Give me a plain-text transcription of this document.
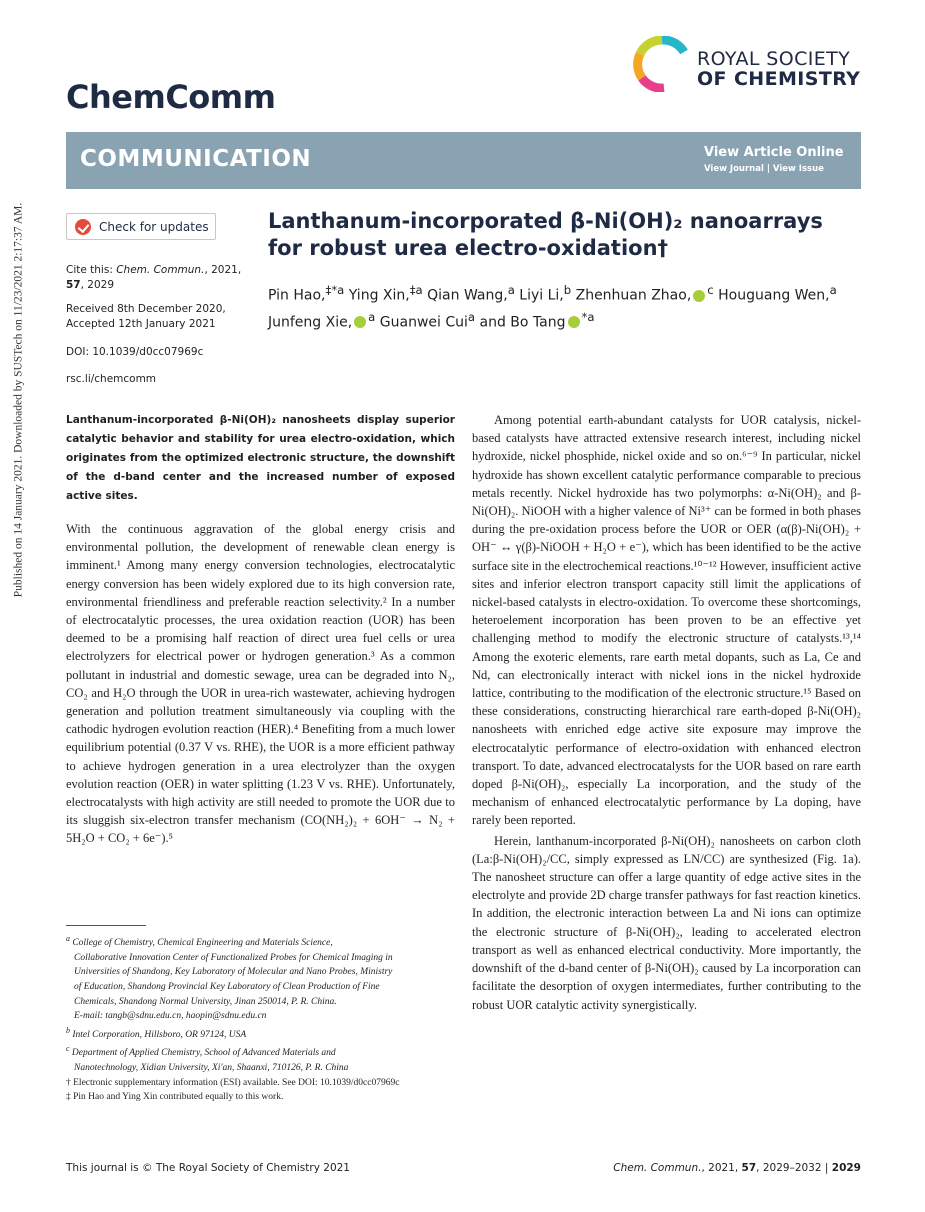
Published on 14 January 2021. Downloaded by SUSTech on 11/23/2021 2:17:37 AM.
ROYAL SOCIETY
OF CHEMISTRY
ChemComm
COMMUNICATION	View Article Online
View Journal | View Issue
Check for updates
Cite this: Chem. Commun., 2021,
57, 2029
Received 8th December 2020,
Accepted 12th January 2021
DOI: 10.1039/d0cc07969c
rsc.li/chemcomm
Lanthanum-incorporated β-Ni(OH)₂ nanoarrays
for robust urea electro-oxidation†
Pin Hao,$^{\ddagger*a}$ Ying Xin,$^{\ddagger a}$ Qian Wang,$^a$ Liyi Li,$^b$ Zhenhuan Zhao, $^c$ Houguang Wen,$^a$
Junfeng Xie, $^a$ Guanwei Cui$^a$ and Bo Tang $^{*a}$
Lanthanum-incorporated β-Ni(OH)₂ nanosheets display superior catalytic behavior and stability for urea electro-oxidation, which originates from the optimized electronic structure, the downshift of the d-band center and the increased number of exposed active sites.

With the continuous aggravation of the global energy crisis and environmental pollution, the development of renewable clean energy is imminent.¹ Among many energy conversion technologies, electrocatalytic energy conversion has been widely explored due to its high conversion rate, environmental friendliness and preferable reaction selectivity.² In a number of electrocatalytic processes, the urea oxidation reaction (UOR) has been deemed to be a promising half reaction of direct urea fuel cells or urea electrolyzers for electrical power or hydrogen generation.³ As a common pollutant in industrial and domestic sewage, urea can be degraded into N₂, CO₂ and H₂O through the UOR in urea-rich wastewater, achieving hydrogen generation and pollution treatment simultaneously via coupling with the cathodic hydrogen evolution reaction (HER).⁴ Benefiting from a much lower equilibrium potential (0.37 V vs. RHE), the UOR is a more efficient pathway to achieve hydrogen generation in a urea electrolyzer than the oxygen evolution reaction (OER) in water splitting (1.23 V vs. RHE). Unfortunately, electrocatalysts with high activity are still needed to promote the UOR due to its sluggish six-electron transfer mechanism (CO(NH₂)₂ + 6OH⁻ → N₂ + 5H₂O + CO₂ + 6e⁻).⁵

Among potential earth-abundant catalysts for UOR catalysis, nickel-based catalysts have attracted extensive research interest, including nickel hydroxide, nickel phosphide, nickel oxide and so on.⁶⁻⁹ In particular, nickel hydroxide has shown excellent catalytic performance comparable to precious metals recently. Nickel hydroxide has two polymorphs: α-Ni(OH)₂ and β-Ni(OH)₂. NiOOH with a higher valence of Ni³⁺ can be formed in both phases during the pre-oxidation process before the UOR or OER (α(β)-Ni(OH)₂ + OH⁻ ↔ γ(β)-NiOOH + H₂O + e⁻), which has been identified to be the active surface site in the electrochemical reactions.¹⁰⁻¹² However, insufficient active sites and inferior electron transport capacity still limit the applications of nickel-based catalysts in electro-oxidation. To overcome these shortcomings, heteroelement incorporation has been proven to be an effective yet challenging method to modify the electronic structure of catalysts.¹³,¹⁴ Among the exoteric elements, rare earth metal dopants, such as La, Ce and Nd, can electronically interact with nickel ions in the nickel hydroxide lattice, contributing to the modification of the electronic structure.¹⁵ Based on these considerations, constructing hierarchical rare earth-doped β-Ni(OH)₂ nanosheets with enriched edge active site exposure may improve the electrocatalytic performance of electro-oxidation with enhanced electron transport. To date, advanced electrocatalysts for the UOR based on rare earth doped β-Ni(OH)₂, especially La incorporation, and the study of the mechanism of enhanced electrocatalytic performance by La doping, have rarely been reported.

Herein, lanthanum-incorporated β-Ni(OH)₂ nanosheets on carbon cloth (La:β-Ni(OH)₂/CC, simply expressed as LN/CC) are synthesized (Fig. 1a). The nanosheet structure can offer a large quantity of edge active sites in the electrolyte and provide 2D charge transfer pathways for fast reaction kinetics. In addition, the electronic interaction between La and Ni ions can optimize the electronic structure of β-Ni(OH)₂, leading to accelerated electron transport as well as enhanced electrical conductivity. More importantly, the downshift of the d-band center of β-Ni(OH)₂ caused by La incorporation can facilitate the desorption of oxygen intermediates, further contributing to the robust UOR catalytic activity synergistically.

$^a$ College of Chemistry, Chemical Engineering and Materials Science,

Collaborative Innovation Center of Functionalized Probes for Chemical Imaging in

Universities of Shandong, Key Laboratory of Molecular and Nano Probes, Ministry

of Education, Shandong Provincial Key Laboratory of Clean Production of Fine

Chemicals, Shandong Normal University, Jinan 250014, P. R. China.

E-mail: tangb@sdnu.edu.cn, haopin@sdnu.edu.cn

$^b$ Intel Corporation, Hillsboro, OR 97124, USA

$^c$ Department of Applied Chemistry, School of Advanced Materials and

Nanotechnology, Xidian University, Xi'an, Shaanxi, 710126, P. R. China

† Electronic supplementary information (ESI) available. See DOI: 10.1039/d0cc07969c

‡ Pin Hao and Ying Xin contributed equally to this work.

This journal is © The Royal Society of Chemistry 2021	Chem. Commun., 2021, 57, 2029–2032 | 2029
